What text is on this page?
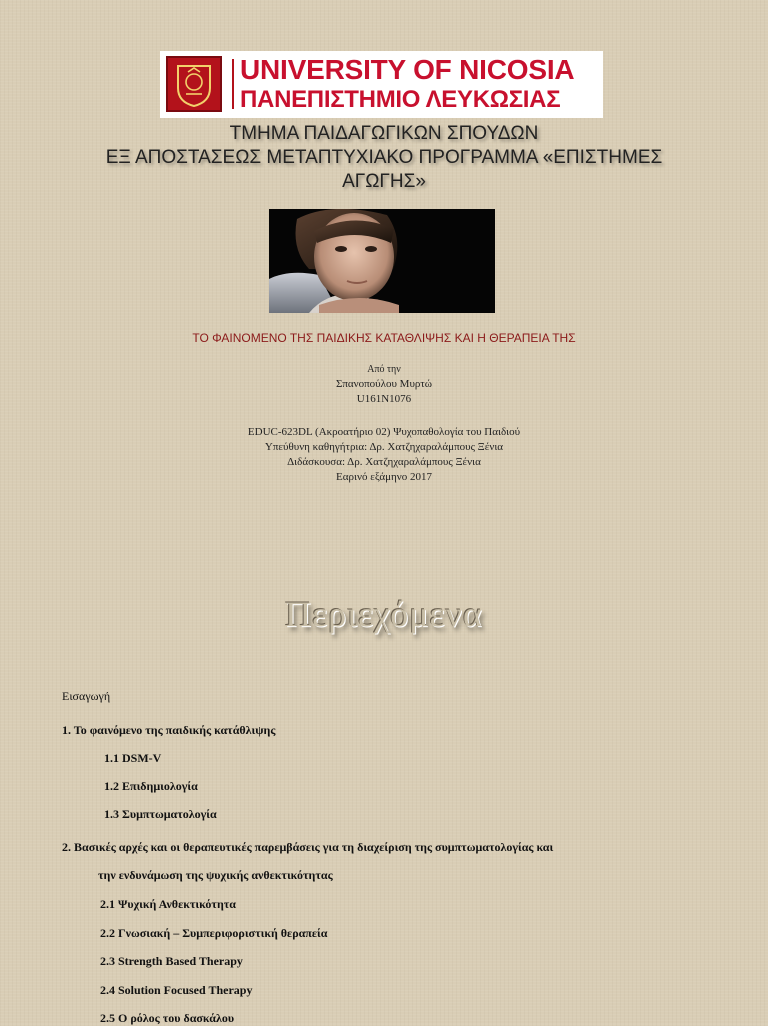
UNIVERSITY OF NICOSIA
ΠΑΝΕΠΙΣΤΗΜΙΟ ΛΕΥΚΩΣΙΑΣ
ΤΜΗΜΑ ΠΑΙΔΑΓΩΓΙΚΩΝ ΣΠΟΥΔΩΝ
ΕΞ ΑΠΟΣΤΑΣΕΩΣ ΜΕΤΑΠΤΥΧΙΑΚΟ ΠΡΟΓΡΑΜΜΑ «ΕΠΙΣΤΗΜΕΣ
ΑΓΩΓΗΣ»
ΤΟ ΦΑΙΝΟΜΕΝΟ ΤΗΣ ΠΑΙΔΙΚΗΣ ΚΑΤΑΘΛΙΨΗΣ ΚΑΙ Η ΘΕΡΑΠΕΙΑ ΤΗΣ
Από την
Σπανοπούλου Μυρτώ
U161N1076
EDUC-623DL (Ακροατήριο 02) Ψυχοπαθολογία του Παιδιού
Υπεύθυνη καθηγήτρια: Δρ. Χατζηχαραλάμπους Ξένια
Διδάσκουσα: Δρ. Χατζηχαραλάμπους Ξένια
Εαρινό εξάμηνο 2017
Περιεχόμενα
Εισαγωγή
1. Το φαινόμενο της παιδικής κατάθλιψης
1.1 DSM-V
1.2 Επιδημιολογία
1.3 Συμπτωματολογία
2. Βασικές αρχές και οι θεραπευτικές παρεμβάσεις για τη διαχείριση της συμπτωματολογίας και
την ενδυνάμωση της ψυχικής ανθεκτικότητας
2.1 Ψυχική Ανθεκτικότητα
2.2 Γνωσιακή – Συμπεριφοριστική θεραπεία
2.3 Strength Based Therapy
2.4 Solution Focused Therapy
2.5 Ο ρόλος του δασκάλου
